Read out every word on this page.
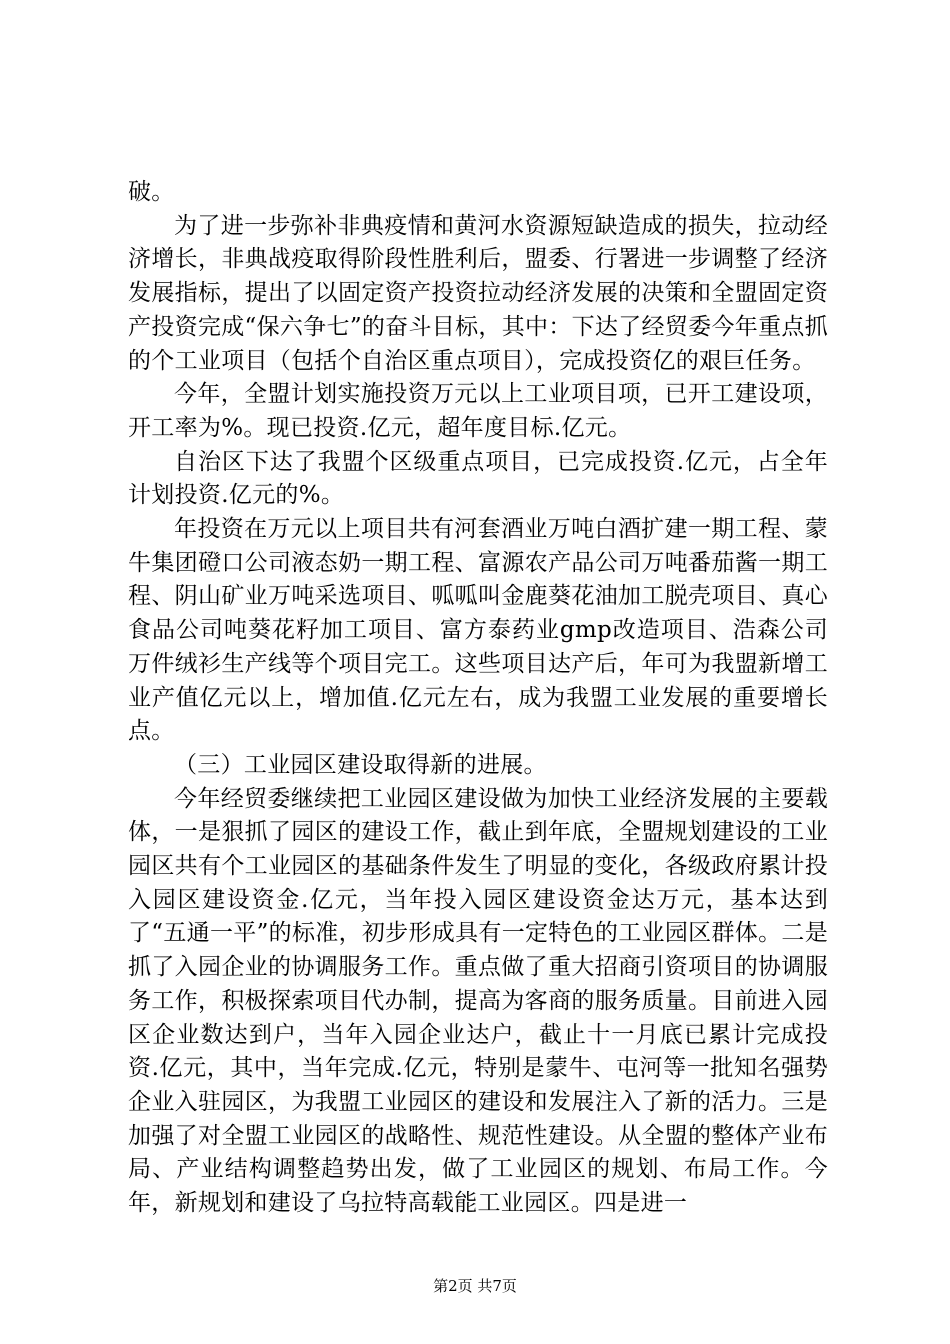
破。

为了进一步弥补非典疫情和黄河水资源短缺造成的损失，拉动经济增长，非典战疫取得阶段性胜利后，盟委、行署进一步调整了经济发展指标，提出了以固定资产投资拉动经济发展的决策和全盟固定资产投资完成“保六争七”的奋斗目标，其中：下达了经贸委今年重点抓的个工业项目（包括个自治区重点项目），完成投资亿的艰巨任务。

今年，全盟计划实施投资万元以上工业项目项，已开工建设项，开工率为%。现已投资.亿元，超年度目标.亿元。

自治区下达了我盟个区级重点项目，已完成投资.亿元，占全年计划投资.亿元的%。

年投资在万元以上项目共有河套酒业万吨白酒扩建一期工程、蒙牛集团磴口公司液态奶一期工程、富源农产品公司万吨番茄酱一期工程、阴山矿业万吨采选项目、呱呱叫金鹿葵花油加工脱壳项目、真心食品公司吨葵花籽加工项目、富方泰药业gmp改造项目、浩森公司万件绒衫生产线等个项目完工。这些项目达产后，年可为我盟新增工业产值亿元以上，增加值.亿元左右，成为我盟工业发展的重要增长点。

（三）工业园区建设取得新的进展。

今年经贸委继续把工业园区建设做为加快工业经济发展的主要载体，一是狠抓了园区的建设工作，截止到年底，全盟规划建设的工业园区共有个工业园区的基础条件发生了明显的变化，各级政府累计投入园区建设资金.亿元，当年投入园区建设资金达万元，基本达到了“五通一平”的标准，初步形成具有一定特色的工业园区群体。二是抓了入园企业的协调服务工作。重点做了重大招商引资项目的协调服务工作，积极探索项目代办制，提高为客商的服务质量。目前进入园区企业数达到户，当年入园企业达户，截止十一月底已累计完成投资.亿元，其中，当年完成.亿元，特别是蒙牛、屯河等一批知名强势企业入驻园区，为我盟工业园区的建设和发展注入了新的活力。三是加强了对全盟工业园区的战略性、规范性建设。从全盟的整体产业布局、产业结构调整趋势出发，做了工业园区的规划、布局工作。今年，新规划和建设了乌拉特高载能工业园区。四是进一

第2页 共7页
